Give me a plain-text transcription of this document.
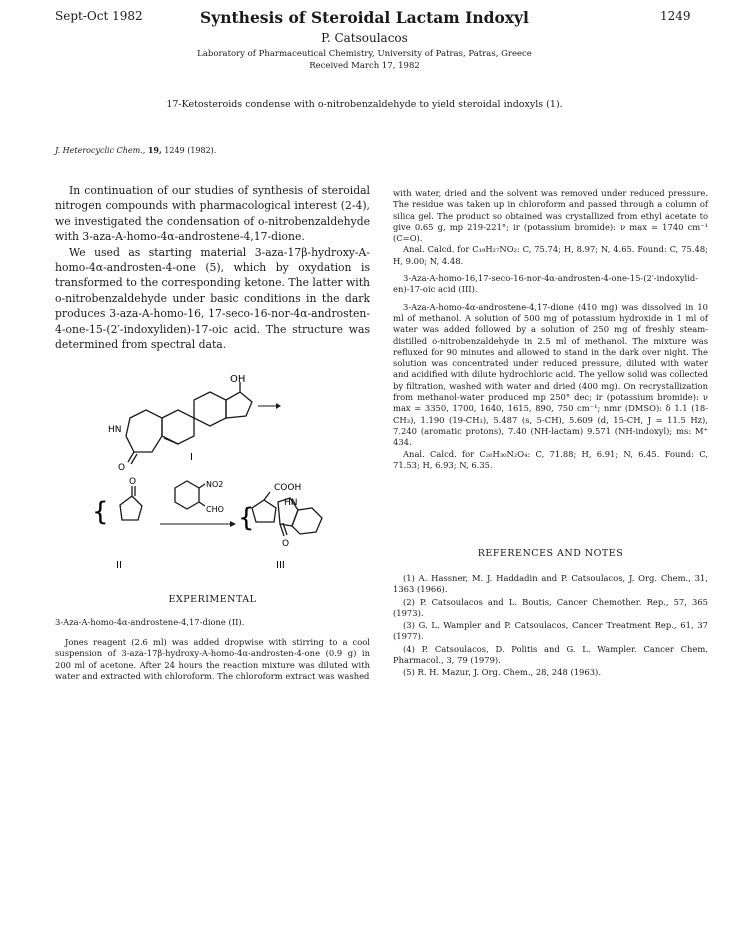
Sept-Oct 1982	Synthesis of Steroidal Lactam Indoxyl	1249
P. Catsoulacos
Laboratory of Pharmaceutical Chemistry, University of Patras, Patras, Greece
Received March 17, 1982
17-Ketosteroids condense with o-nitrobenzaldehyde to yield steroidal indoxyls (1).
J. Heterocyclic Chem., 19, 1249 (1982).

In continuation of our studies of synthesis of steroidal nitrogen compounds with pharmacological interest (2-4), we investigated the condensation of o-nitrobenzaldehyde with 3-aza-A-homo-4α-androstene-4,17-dione.

We used as starting material 3-aza-17β-hydroxy-A-homo-4α-androsten-4-one (5), which by oxydation is transformed to the corresponding ketone. The latter with o-nitrobenzaldehyde under basic conditions in the dark produces 3-aza-A-homo-16, 17-seco-16-nor-4α-androsten-4-one-15-(2′-indoxyliden)-17-oic acid. The structure was determined from spectral data.

OH
HN
O
I
{
O
II
NO2
CHO {
COOH
HN
O
III
EXPERIMENTAL
3-Aza-A-homo-4α-androstene-4,17-dione (II).

Jones reagent (2.6 ml) was added dropwise with stirring to a cool suspension of 3-aza-17β-hydroxy-A-homo-4α-androsten-4-one (0.9 g) in 200 ml of acetone. After 24 hours the reaction mixture was diluted with water and extracted with chloroform. The chloroform extract was washed

with water, dried and the solvent was removed under reduced pressure. The residue was taken up in chloroform and passed through a column of silica gel. The product so obtained was crystallized from ethyl acetate to give 0.65 g, mp 219-221°; ir (potassium bromide): ν max = 1740 cm⁻¹ (C=O).

Anal. Calcd. for C₁₉H₂₇NO₂: C, 75.74; H, 8.97; N, 4.65. Found: C, 75.48; H, 9.00; N, 4.48.

3-Aza-A-homo-16,17-seco-16-nor-4α-androsten-4-one-15-(2′-indoxylid-en)-17-oic acid (III).

3-Aza-A-homo-4α-androstene-4,17-dione (410 mg) was dissolved in 10 ml of methanol. A solution of 500 mg of potassium hydroxide in 1 ml of water was added followed by a solution of 250 mg of freshly steam-distilled o-nitrobenzaldehyde in 2.5 ml of methanol. The mixture was refluxed for 90 minutes and allowed to stand in the dark over night. The solution was concentrated under reduced pressure, diluted with water and acidified with dilute hydrochloric acid. The yellow solid was collected by filtration, washed with water and dried (400 mg). On recrystallization from methanol-water produced mp 250° dec; ir (potassium bromide): ν max = 3350, 1700, 1640, 1615, 890, 750 cm⁻¹; nmr (DMSO): δ 1.1 (18-CH₃), 1.190 (19-CH₃), 5.487 (s, 5-CH), 5.609 (d, 15-CH, J = 11.5 Hz), 7.240 (aromatic protons), 7.40 (NH-lactam) 9.571 (NH-indoxyl); ms: M⁺ 434.

Anal. Calcd. for C₂₆H₃₀N₂O₄: C, 71.88; H, 6.91; N, 6.45. Found: C, 71.53; H, 6.93; N, 6.35.

REFERENCES AND NOTES

(1) A. Hassner, M. J. Haddadin and P. Catsoulacos, J. Org. Chem., 31, 1363 (1966).

(2) P. Catsoulacos and L. Boutis, Cancer Chemother. Rep., 57, 365 (1973).

(3) G. L. Wampler and P. Catsoulacos, Cancer Treatment Rep., 61, 37 (1977).

(4) P. Catsoulacos, D. Politis and G. L. Wampler. Cancer Chem. Pharmacol., 3, 79 (1979).

(5) R. H. Mazur, J. Org. Chem., 28, 248 (1963).
